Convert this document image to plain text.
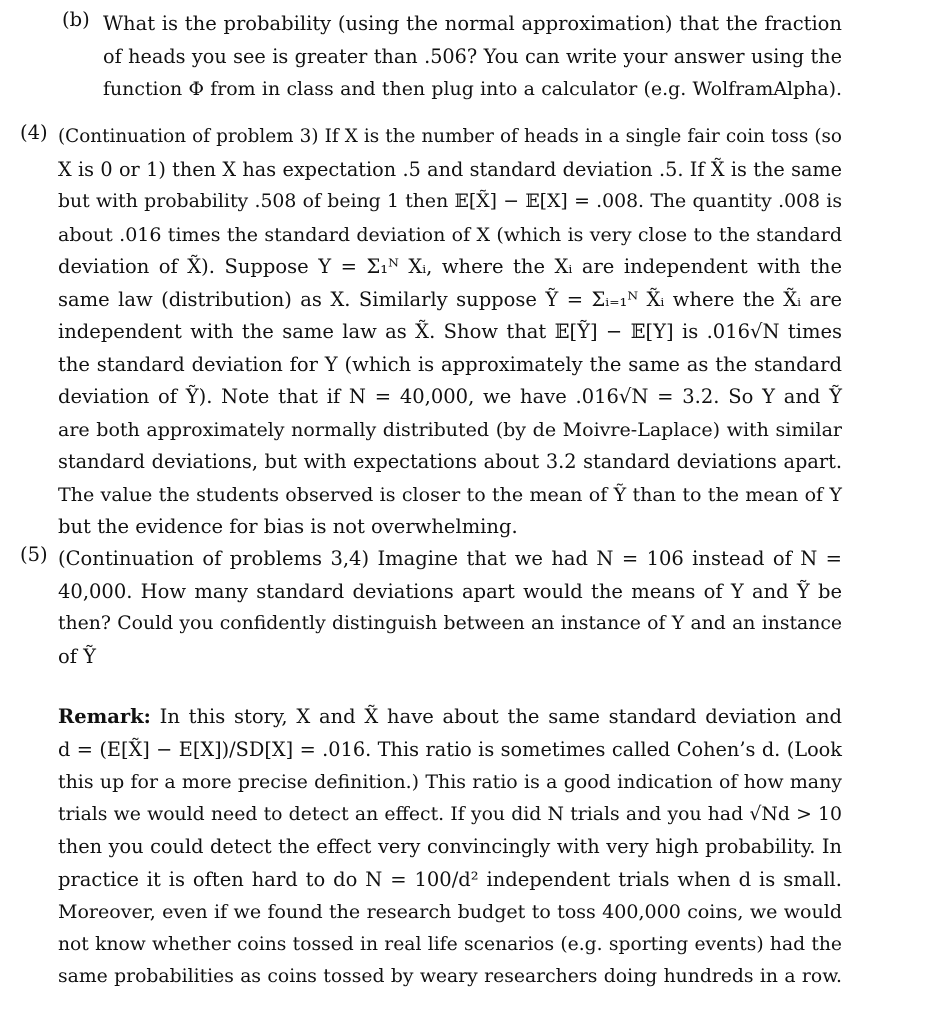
(b) What is the probability (using the normal approximation) that the fraction
of heads you see is greater than .506? You can write your answer using the
function Φ from in class and then plug into a calculator (e.g. WolframAlpha).
(4) (Continuation of problem 3) If X is the number of heads in a single fair coin toss (so
X is 0 or 1) then X has expectation .5 and standard deviation .5. If X̃ is the same
but with probability .508 of being 1 then 𝔼[X̃] − 𝔼[X] = .008. The quantity .008 is
about .016 times the standard deviation of X (which is very close to the standard
deviation of X̃). Suppose Y = Σ₁ᴺ Xᵢ, where the Xᵢ are independent with the
same law (distribution) as X. Similarly suppose Ỹ = Σᵢ₌₁ᴺ X̃ᵢ where the X̃ᵢ are
independent with the same law as X̃. Show that 𝔼[Ỹ] − 𝔼[Y] is .016√N times
the standard deviation for Y (which is approximately the same as the standard
deviation of Ỹ). Note that if N = 40,000, we have .016√N = 3.2. So Y and Ỹ
are both approximately normally distributed (by de Moivre-Laplace) with similar
standard deviations, but with expectations about 3.2 standard deviations apart.
The value the students observed is closer to the mean of Ỹ than to the mean of Y
but the evidence for bias is not overwhelming.
(5) (Continuation of problems 3,4) Imagine that we had N = 106 instead of N =
40,000. How many standard deviations apart would the means of Y and Ỹ be
then? Could you confidently distinguish between an instance of Y and an instance
of Ỹ
Remark: In this story, X and X̃ have about the same standard deviation and
d = (E[X̃] − E[X])/SD[X] = .016. This ratio is sometimes called Cohen’s d. (Look
this up for a more precise definition.) This ratio is a good indication of how many
trials we would need to detect an effect. If you did N trials and you had √Nd > 10
then you could detect the effect very convincingly with very high probability. In
practice it is often hard to do N = 100/d² independent trials when d is small.
Moreover, even if we found the research budget to toss 400,000 coins, we would
not know whether coins tossed in real life scenarios (e.g. sporting events) had the
same probabilities as coins tossed by weary researchers doing hundreds in a row.
